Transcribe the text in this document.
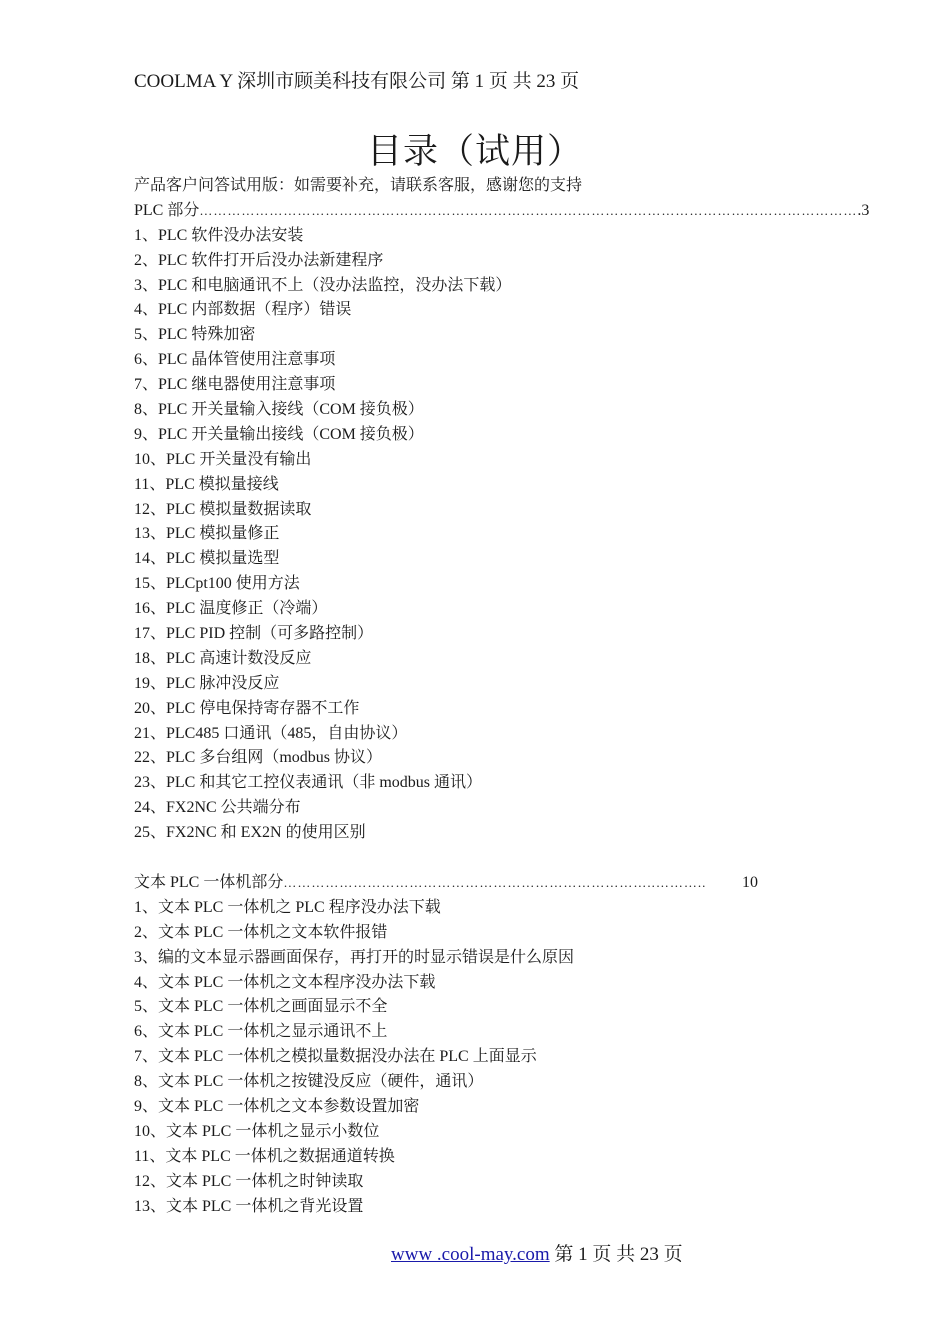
COOLMA Y 深圳市顾美科技有限公司 第 1 页 共 23 页
目录（试用）
产品客户问答试用版：如需要补充，请联系客服，感谢您的支持
PLC 部分 …………………………………………………………………………………………………………………………… .3
1、PLC 软件没办法安装
2、PLC 软件打开后没办法新建程序
3、PLC 和电脑通讯不上（没办法监控，没办法下载）
4、PLC 内部数据（程序）错误
5、PLC 特殊加密
6、PLC 晶体管使用注意事项
7、PLC 继电器使用注意事项
8、PLC 开关量输入接线（COM 接负极）
9、PLC 开关量输出接线（COM 接负极）
10、PLC 开关量没有输出
11、PLC 模拟量接线
12、PLC 模拟量数据读取
13、PLC 模拟量修正
14、PLC 模拟量选型
15、PLCpt100 使用方法
16、PLC 温度修正（冷端）
17、PLC PID 控制（可多路控制）
18、PLC 高速计数没反应
19、PLC 脉冲没反应
20、PLC 停电保持寄存器不工作
21、PLC485 口通讯（485，自由协议）
22、PLC 多台组网（modbus 协议）
23、PLC 和其它工控仪表通讯（非 modbus 通讯）
24、FX2NC 公共端分布
25、FX2NC 和 EX2N 的使用区别
文本 PLC 一体机部分 ……………………………………………………………………..………..	10
1、文本 PLC 一体机之 PLC 程序没办法下载
2、文本 PLC 一体机之文本软件报错
3、编的文本显示器画面保存，再打开的时显示错误是什么原因
4、文本 PLC 一体机之文本程序没办法下载
5、文本 PLC 一体机之画面显示不全
6、文本 PLC 一体机之显示通讯不上
7、文本 PLC 一体机之模拟量数据没办法在 PLC 上面显示
8、文本 PLC 一体机之按键没反应（硬件，通讯）
9、文本 PLC 一体机之文本参数设置加密
10、文本 PLC 一体机之显示小数位
11、文本 PLC 一体机之数据通道转换
12、文本 PLC 一体机之时钟读取
13、文本 PLC 一体机之背光设置
www .cool-may.com 第 1 页 共 23 页
